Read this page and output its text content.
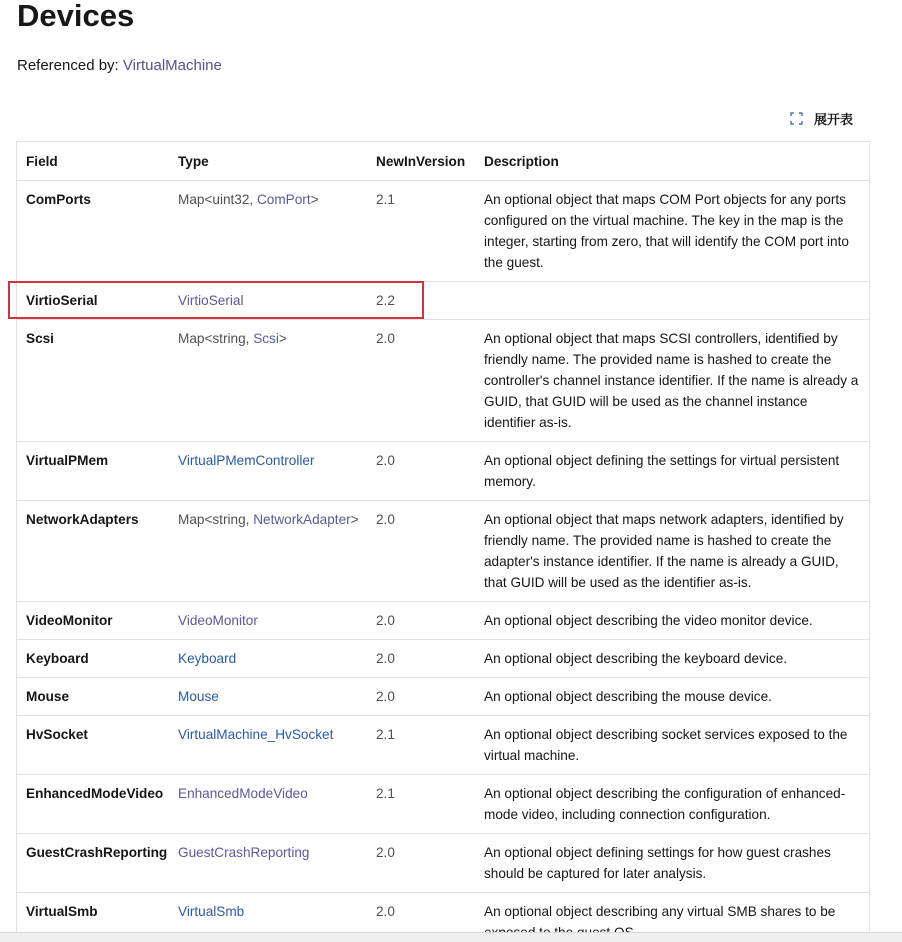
Devices
Referenced by: VirtualMachine
展开表
Field	Type	NewInVersion	Description
ComPorts	Map<uint32, ComPort>	2.1	An optional object that maps COM Port objects for any ports configured on the virtual machine. The key in the map is the integer, starting from zero, that will identify the COM port into the guest.
VirtioSerial	VirtioSerial	2.2	
Scsi	Map<string, Scsi>	2.0	An optional object that maps SCSI controllers, identified by friendly name. The provided name is hashed to create the controller's channel instance identifier. If the name is already a GUID, that GUID will be used as the channel instance identifier as-is.
VirtualPMem	VirtualPMemController	2.0	An optional object defining the settings for virtual persistent memory.
NetworkAdapters	Map<string, NetworkAdapter>	2.0	An optional object that maps network adapters, identified by friendly name. The provided name is hashed to create the adapter's instance identifier. If the name is already a GUID, that GUID will be used as the identifier as-is.
VideoMonitor	VideoMonitor	2.0	An optional object describing the video monitor device.
Keyboard	Keyboard	2.0	An optional object describing the keyboard device.
Mouse	Mouse	2.0	An optional object describing the mouse device.
HvSocket	VirtualMachine_HvSocket	2.1	An optional object describing socket services exposed to the virtual machine.
EnhancedModeVideo	EnhancedModeVideo	2.1	An optional object describing the configuration of enhanced-mode video, including connection configuration.
GuestCrashReporting	GuestCrashReporting	2.0	An optional object defining settings for how guest crashes should be captured for later analysis.
VirtualSmb	VirtualSmb	2.0	An optional object describing any virtual SMB shares to be
